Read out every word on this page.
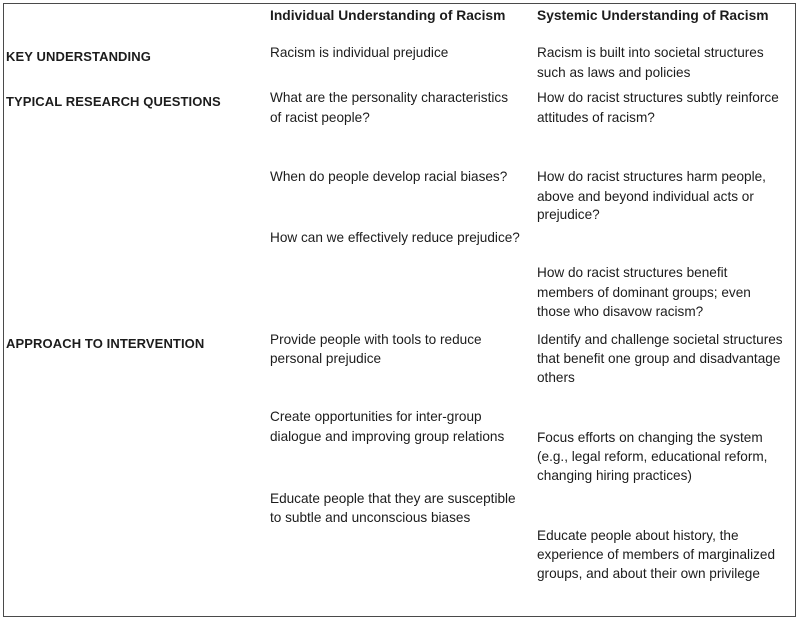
Individual Understanding of Racism Systemic Understanding of Racism

KEY UNDERSTANDING

TYPICAL RESEARCH QUESTIONS

APPROACH TO INTERVENTION

Racism is individual prejudice	Racism is built into societal structures

such as laws and policies

What are the personality characteristics

of racist people?

When do people develop racial biases?

How can we effectively reduce prejudice?

How do racist structures subtly reinforce

attitudes of racism?

How do racist structures harm people,

above and beyond individual acts or

prejudice?

How do racist structures benefit

members of dominant groups; even

those who disavow racism?

Provide people with tools to reduce

personal prejudice

Create opportunities for inter-group

dialogue and improving group relations

Educate people that they are susceptible

to subtle and unconscious biases

Identify and challenge societal structures

that benefit one group and disadvantage

others

Focus efforts on changing the system

(e.g., legal reform, educational reform,

changing hiring practices)

Educate people about history, the

experience of members of marginalized

groups, and about their own privilege
